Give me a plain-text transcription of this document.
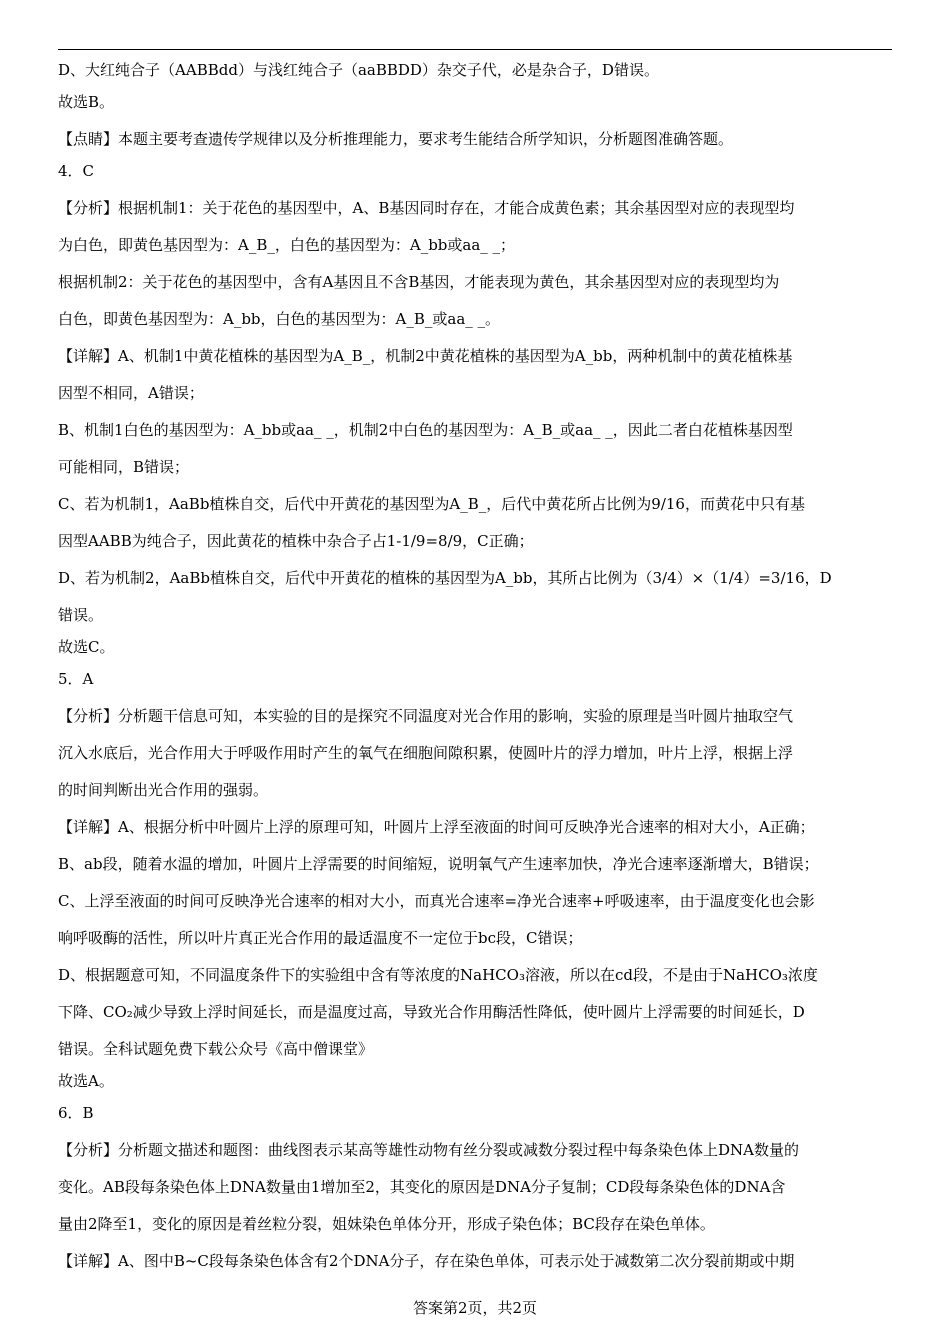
D、大红纯合子（AABBdd）与浅红纯合子（aaBBDD）杂交子代，必是杂合子，D错误。
故选B。
【点睛】本题主要考查遗传学规律以及分析推理能力，要求考生能结合所学知识，分析题图准确答题。
4．C
【分析】根据机制1：关于花色的基因型中，A、B基因同时存在，才能合成黄色素；其余基因型对应的表现型均
为白色，即黄色基因型为：A_B_，白色的基因型为：A_bb或aa_ _；
根据机制2：关于花色的基因型中，含有A基因且不含B基因，才能表现为黄色，其余基因型对应的表现型均为
白色，即黄色基因型为：A_bb，白色的基因型为：A_B_或aa_ _。
【详解】A、机制1中黄花植株的基因型为A_B_，机制2中黄花植株的基因型为A_bb，两种机制中的黄花植株基
因型不相同，A错误；
B、机制1白色的基因型为：A_bb或aa_ _，机制2中白色的基因型为：A_B_或aa_ _，因此二者白花植株基因型
可能相同，B错误；
C、若为机制1，AaBb植株自交，后代中开黄花的基因型为A_B_，后代中黄花所占比例为9/16，而黄花中只有基
因型AABB为纯合子，因此黄花的植株中杂合子占1-1/9=8/9，C正确；
D、若为机制2，AaBb植株自交，后代中开黄花的植株的基因型为A_bb，其所占比例为（3/4）×（1/4）=3/16，D
错误。
故选C。
5．A
【分析】分析题干信息可知，本实验的目的是探究不同温度对光合作用的影响，实验的原理是当叶圆片抽取空气
沉入水底后，光合作用大于呼吸作用时产生的氧气在细胞间隙积累，使圆叶片的浮力增加，叶片上浮，根据上浮
的时间判断出光合作用的强弱。
【详解】A、根据分析中叶圆片上浮的原理可知，叶圆片上浮至液面的时间可反映净光合速率的相对大小，A正确；
B、ab段，随着水温的增加，叶圆片上浮需要的时间缩短，说明氧气产生速率加快，净光合速率逐渐增大，B错误；
C、上浮至液面的时间可反映净光合速率的相对大小，而真光合速率=净光合速率+呼吸速率，由于温度变化也会影
响呼吸酶的活性，所以叶片真正光合作用的最适温度不一定位于bc段，C错误；
D、根据题意可知，不同温度条件下的实验组中含有等浓度的NaHCO₃溶液，所以在cd段，不是由于NaHCO₃浓度
下降、CO₂减少导致上浮时间延长，而是温度过高，导致光合作用酶活性降低，使叶圆片上浮需要的时间延长，D
错误。全科试题免费下载公众号《高中僧课堂》
故选A。
6．B
【分析】分析题文描述和题图：曲线图表示某高等雄性动物有丝分裂或减数分裂过程中每条染色体上DNA数量的
变化。AB段每条染色体上DNA数量由1增加至2，其变化的原因是DNA分子复制；CD段每条染色体的DNA含
量由2降至1，变化的原因是着丝粒分裂，姐妹染色单体分开，形成子染色体；BC段存在染色单体。
【详解】A、图中B~C段每条染色体含有2个DNA分子，存在染色单体，可表示处于减数第二次分裂前期或中期
答案第2页，共2页
